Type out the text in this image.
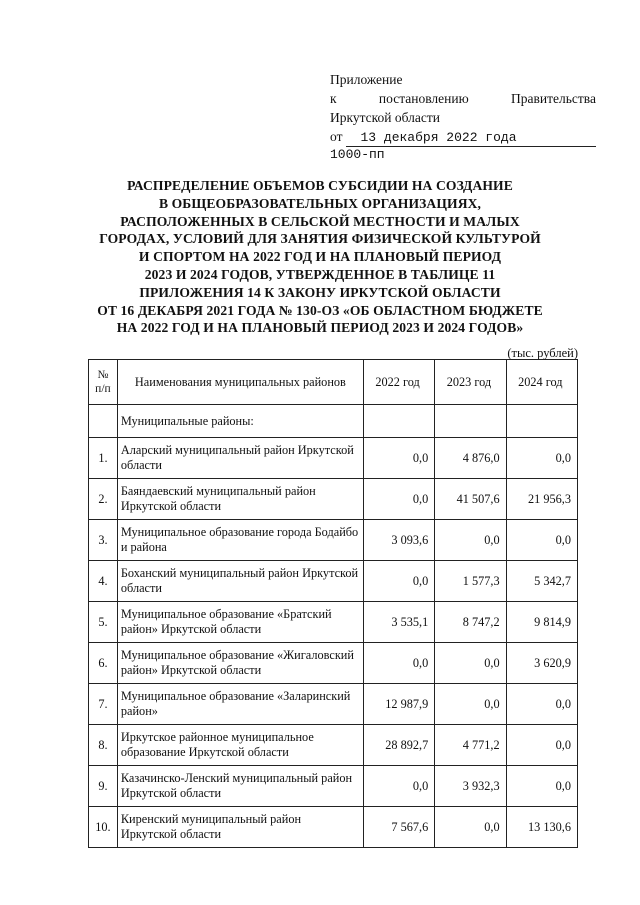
Приложение
к	постановлению	Правительства
Иркутской области
от	13 декабря 2022 года
1000-пп
РАСПРЕДЕЛЕНИЕ ОБЪЕМОВ СУБСИДИИ НА СОЗДАНИЕ
В ОБЩЕОБРАЗОВАТЕЛЬНЫХ ОРГАНИЗАЦИЯХ,
РАСПОЛОЖЕННЫХ В СЕЛЬСКОЙ МЕСТНОСТИ И МАЛЫХ
ГОРОДАХ, УСЛОВИЙ ДЛЯ ЗАНЯТИЯ ФИЗИЧЕСКОЙ КУЛЬТУРОЙ
И СПОРТОМ НА 2022 ГОД И НА ПЛАНОВЫЙ ПЕРИОД
2023 И 2024 ГОДОВ, УТВЕРЖДЕННОЕ В ТАБЛИЦЕ 11
ПРИЛОЖЕНИЯ 14 К ЗАКОНУ ИРКУТСКОЙ ОБЛАСТИ
ОТ 16 ДЕКАБРЯ 2021 ГОДА № 130-ОЗ «ОБ ОБЛАСТНОМ БЮДЖЕТЕ
НА 2022 ГОД И НА ПЛАНОВЫЙ ПЕРИОД 2023 И 2024 ГОДОВ»
(тыс. рублей)
№
п/п	Наименования муниципальных районов	2022 год	2023 год	2024 год
	Муниципальные районы:			
1.	Аларский муниципальный район Иркутской области	0,0	4 876,0	0,0
2.	Баяндаевский муниципальный район Иркутской области	0,0	41 507,6	21 956,3
3.	Муниципальное образование города Бодайбо и района	3 093,6	0,0	0,0
4.	Боханский муниципальный район Иркутской области	0,0	1 577,3	5 342,7
5.	Муниципальное образование «Братский район» Иркутской области	3 535,1	8 747,2	9 814,9
6.	Муниципальное образование «Жигаловский район» Иркутской области	0,0	0,0	3 620,9
7.	Муниципальное образование «Заларинский район»	12 987,9	0,0	0,0
8.	Иркутское районное муниципальное образование Иркутской области	28 892,7	4 771,2	0,0
9.	Казачинско-Ленский муниципальный район Иркутской области	0,0	3 932,3	0,0
10.	Киренский муниципальный район Иркутской области	7 567,6	0,0	13 130,6
